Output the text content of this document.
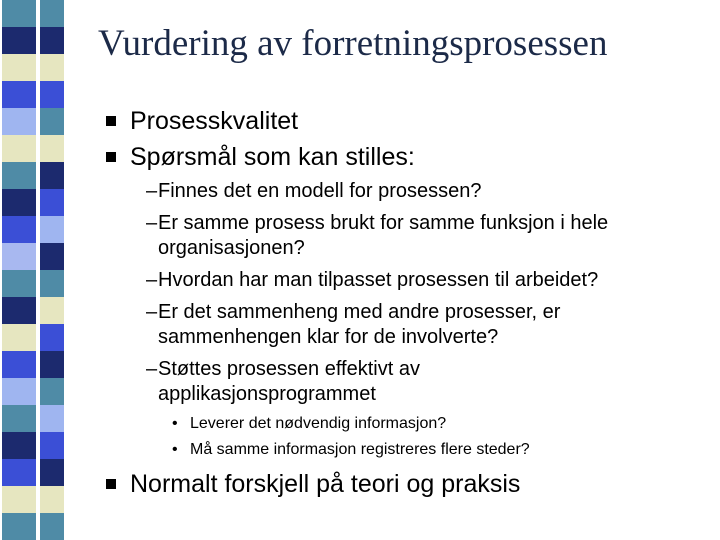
Vurdering av forretningsprosessen
Prosesskvalitet
Spørsmål som kan stilles:
– Finnes det en modell for prosessen?
– Er samme prosess brukt for samme funksjon i hele
organisasjonen?
– Hvordan har man tilpasset prosessen til arbeidet?
– Er det sammenheng med andre prosesser, er
sammenhengen klar for de involverte?
– Støttes prosessen effektivt av
applikasjonsprogrammet
• Leverer det nødvendig informasjon?
• Må samme informasjon registreres flere steder?
Normalt forskjell på teori og praksis
